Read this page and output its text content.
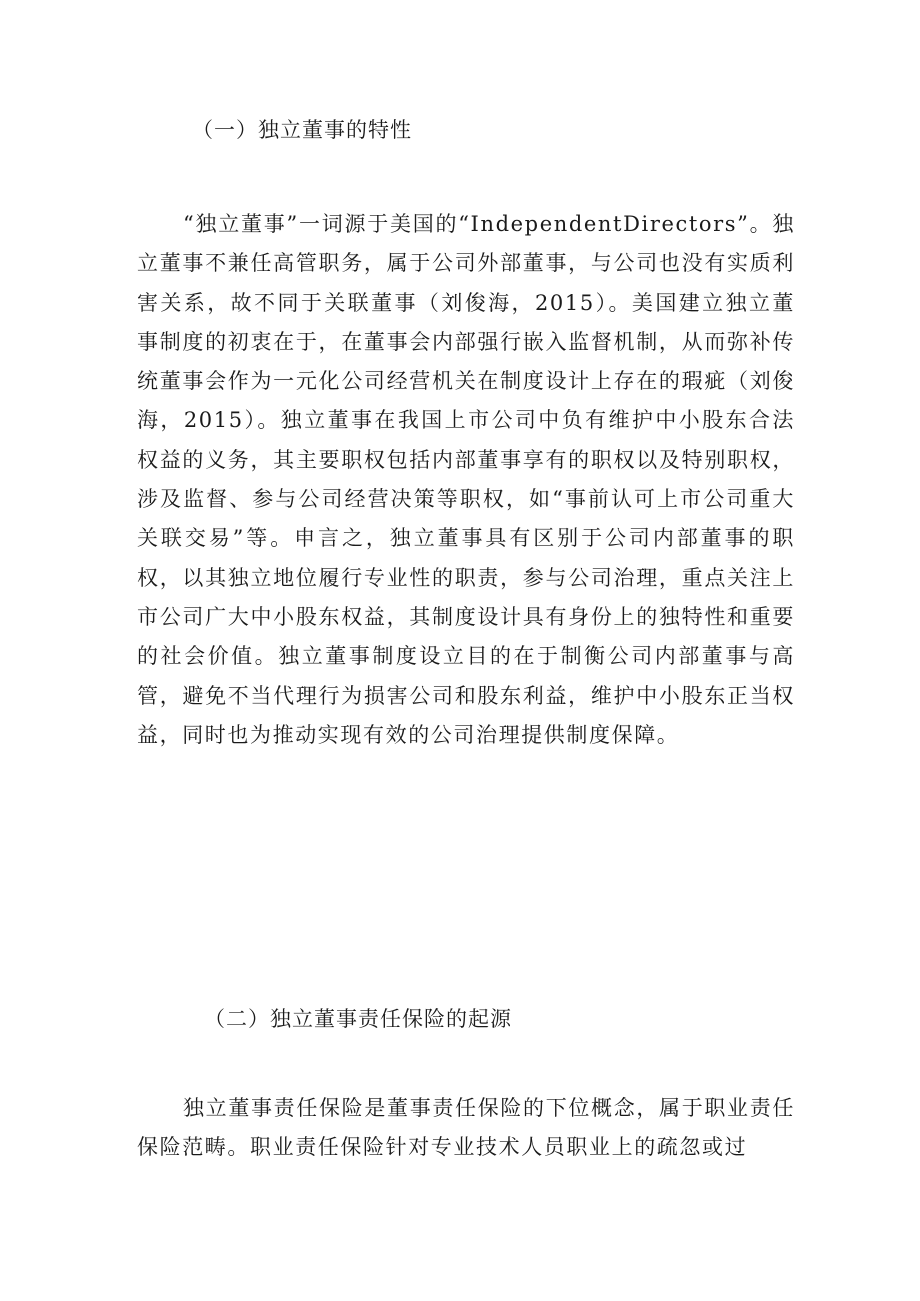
（一）独立董事的特性
“独立董事”一词源于美国的“IndependentDirectors”。独立董事不兼任高管职务，属于公司外部董事，与公司也没有实质利害关系，故不同于关联董事（刘俊海，2015）。美国建立独立董事制度的初衷在于，在董事会内部强行嵌入监督机制，从而弥补传统董事会作为一元化公司经营机关在制度设计上存在的瑕疵（刘俊海，2015）。独立董事在我国上市公司中负有维护中小股东合法权益的义务，其主要职权包括内部董事享有的职权以及特别职权，涉及监督、参与公司经营决策等职权，如“事前认可上市公司重大关联交易”等。申言之，独立董事具有区别于公司内部董事的职权，以其独立地位履行专业性的职责，参与公司治理，重点关注上市公司广大中小股东权益，其制度设计具有身份上的独特性和重要的社会价值。独立董事制度设立目的在于制衡公司内部董事与高管，避免不当代理行为损害公司和股东利益，维护中小股东正当权益，同时也为推动实现有效的公司治理提供制度保障。
（二）独立董事责任保险的起源
独立董事责任保险是董事责任保险的下位概念，属于职业责任保险范畴。职业责任保险针对专业技术人员职业上的疏忽或过
